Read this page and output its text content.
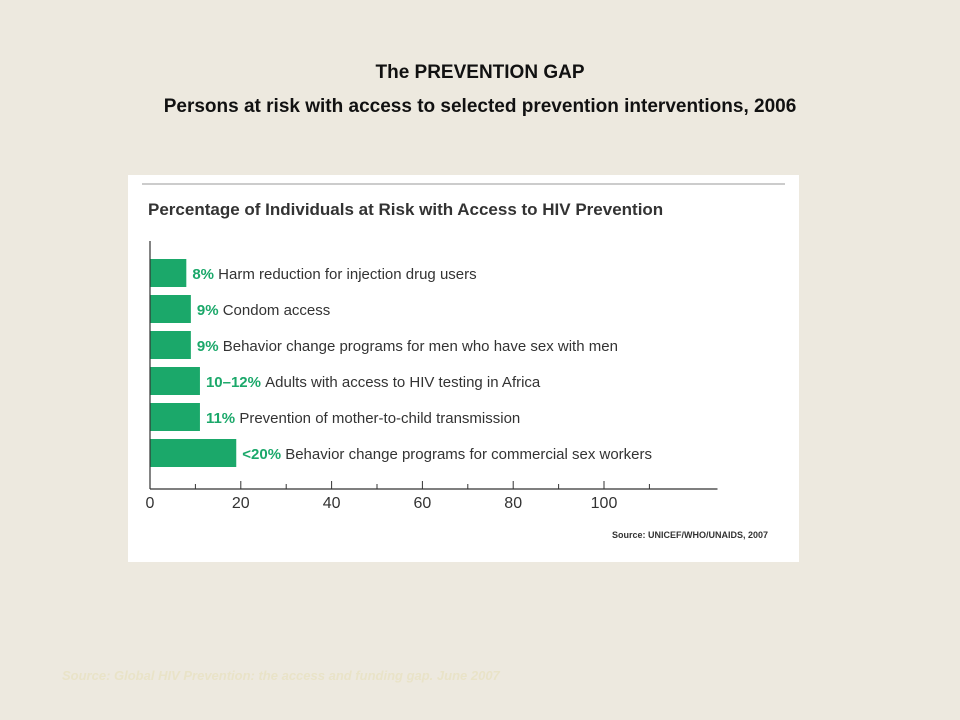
The PREVENTION GAP
Persons at risk with access to selected prevention interventions, 2006
Percentage of Individuals at Risk with Access to HIV Prevention
8% Harm reduction for injection drug users
9% Condom access
9% Behavior change programs for men who have sex with men
10–12% Adults with access to HIV testing in Africa
11% Prevention of mother-to-child transmission
<20% Behavior change programs for commercial sex workers
0	20	40	60	80	100
Source: UNICEF/WHO/UNAIDS, 2007
Source: Global HIV Prevention: the access and funding gap. June 2007
